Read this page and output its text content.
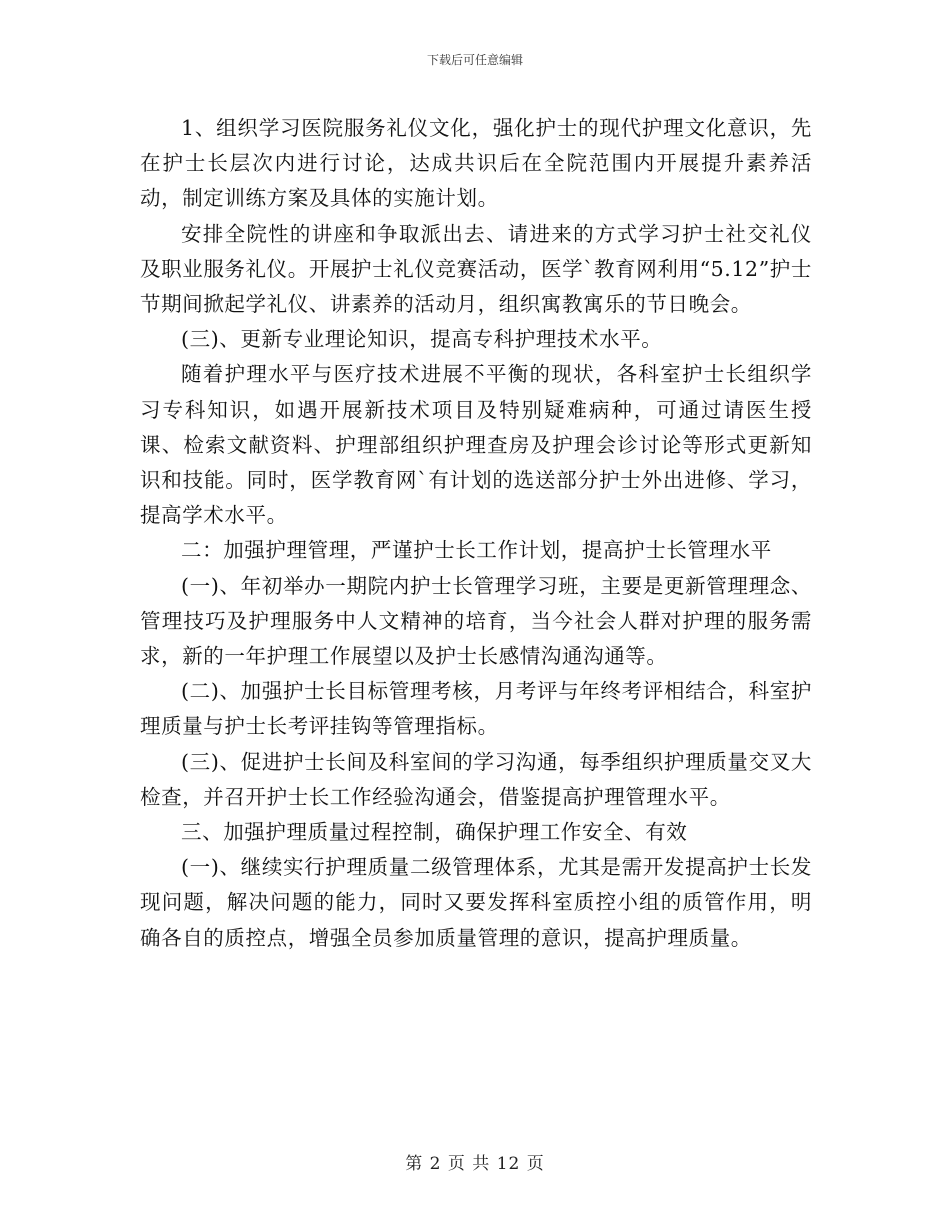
下载后可任意编辑

1、组织学习医院服务礼仪文化，强化护士的现代护理文化意识，先在护士长层次内进行讨论，达成共识后在全院范围内开展提升素养活动，制定训练方案及具体的实施计划。

安排全院性的讲座和争取派出去、请进来的方式学习护士社交礼仪及职业服务礼仪。开展护士礼仪竞赛活动，医学`教育网利用“5.12”护士节期间掀起学礼仪、讲素养的活动月，组织寓教寓乐的节日晚会。

(三)、更新专业理论知识，提高专科护理技术水平。

随着护理水平与医疗技术进展不平衡的现状，各科室护士长组织学习专科知识，如遇开展新技术项目及特别疑难病种，可通过请医生授课、检索文献资料、护理部组织护理查房及护理会诊讨论等形式更新知识和技能。同时，医学教育网`有计划的选送部分护士外出进修、学习，提高学术水平。

二：加强护理管理，严谨护士长工作计划，提高护士长管理水平

(一)、年初举办一期院内护士长管理学习班，主要是更新管理理念、管理技巧及护理服务中人文精神的培育，当今社会人群对护理的服务需求，新的一年护理工作展望以及护士长感情沟通沟通等。

(二)、加强护士长目标管理考核，月考评与年终考评相结合，科室护理质量与护士长考评挂钩等管理指标。

(三)、促进护士长间及科室间的学习沟通，每季组织护理质量交叉大检查，并召开护士长工作经验沟通会，借鉴提高护理管理水平。

三、加强护理质量过程控制，确保护理工作安全、有效

(一)、继续实行护理质量二级管理体系，尤其是需开发提高护士长发现问题，解决问题的能力，同时又要发挥科室质控小组的质管作用，明确各自的质控点，增强全员参加质量管理的意识，提高护理质量。

第 2 页 共 12 页
